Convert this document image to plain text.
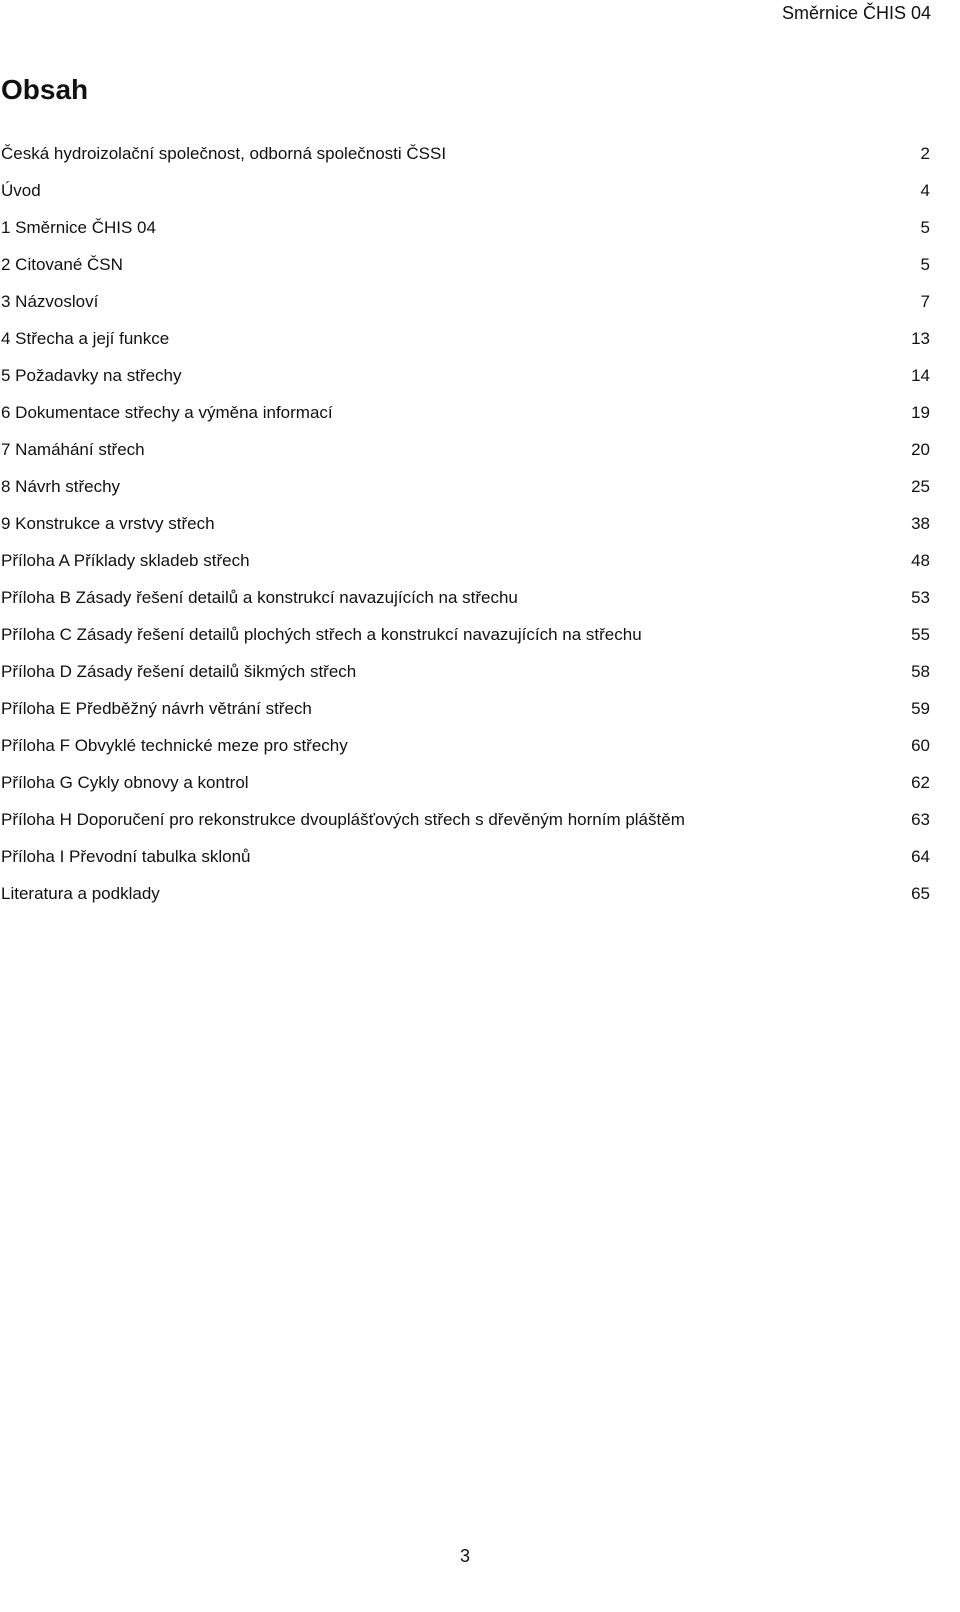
Směrnice ČHIS 04
Obsah
Česká hydroizolační společnost, odborná společnosti ČSSI	2
Úvod	4
1 Směrnice ČHIS 04	5
2 Citované ČSN	5
3 Názvosloví	7
4 Střecha a její funkce	13
5 Požadavky na střechy	14
6 Dokumentace střechy a výměna informací	19
7 Namáhání střech	20
8 Návrh střechy	25
9 Konstrukce a vrstvy střech	38
Příloha A Příklady skladeb střech	48
Příloha B Zásady řešení detailů a konstrukcí navazujících na střechu	53
Příloha C Zásady řešení detailů plochých střech a konstrukcí navazujících na střechu	55
Příloha D Zásady řešení detailů šikmých střech	58
Příloha E Předběžný návrh větrání střech	59
Příloha F Obvyklé technické meze pro střechy	60
Příloha G Cykly obnovy a kontrol	62
Příloha H Doporučení pro rekonstrukce dvouplášťových střech s dřevěným horním pláštěm	63
Příloha I Převodní tabulka sklonů	64
Literatura a podklady	65
3
